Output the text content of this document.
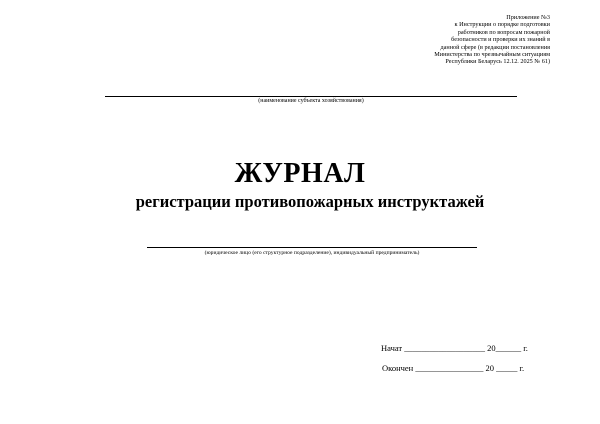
Приложение №3
к Инструкции о порядке подготовки
работников по вопросам пожарной
безопасности и проверки их знаний в
данной сфере (в редакции постановления
Министерства по чрезвычайным ситуациям
Республики Беларусь 12.12. 2025 № 61)
(наименование субъекта хозяйствования)
ЖУРНАЛ
регистрации противопожарных инструктажей
(юридическое лицо (его структурное подразделение), индивидуальный предприниматель)
Начат ___________________ 20______ г.
Окончен ________________ 20 _____ г.
